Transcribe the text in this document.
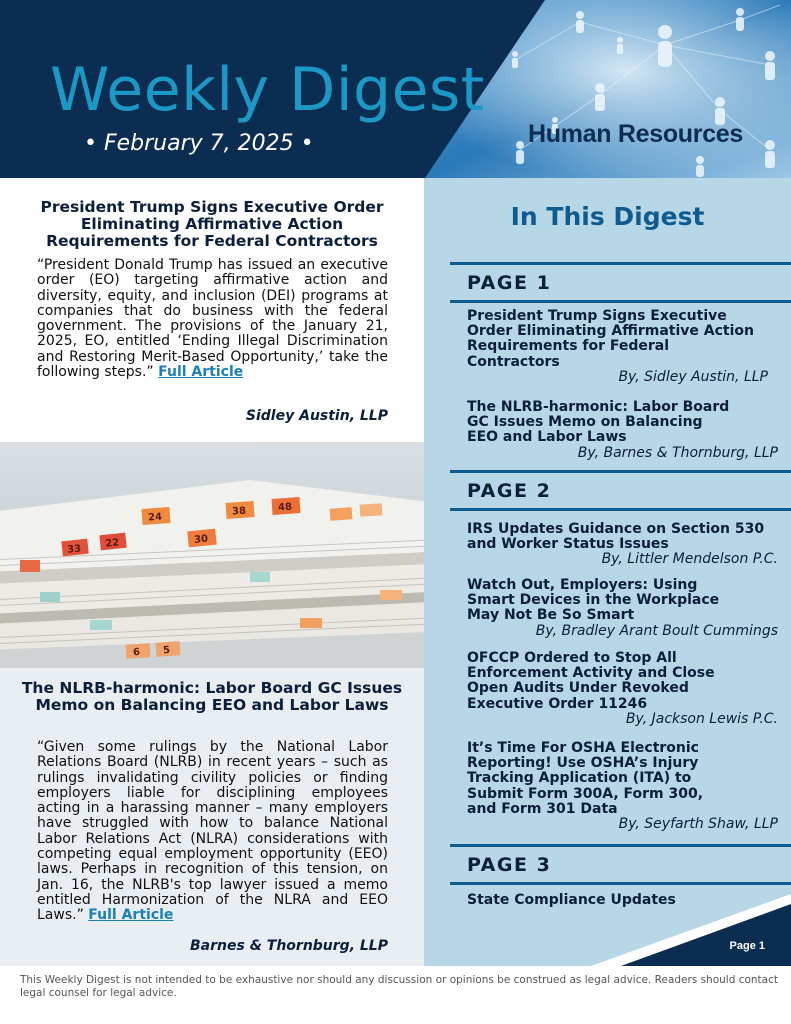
Weekly Digest
• February 7, 2025 •	Human Resources
President Trump Signs Executive Order Eliminating Affirmative Action Requirements for Federal Contractors
“President Donald Trump has issued an executive order (EO) targeting affirmative action and diversity, equity, and inclusion (DEI) programs at companies that do business with the federal government. The provisions of the January 21, 2025, EO, entitled ‘Ending Illegal Discrimination and Restoring Merit-Based Opportunity,’ take the following steps.” Full Article
Sidley Austin, LLP
33 22	30
24
38	48
6 5
The NLRB-harmonic: Labor Board GC Issues Memo on Balancing EEO and Labor Laws
“Given some rulings by the National Labor Relations Board (NLRB) in recent years – such as rulings invalidating civility policies or finding employers liable for disciplining employees acting in a harassing manner – many employers have struggled with how to balance National Labor Relations Act (NLRA) considerations with competing equal employment opportunity (EEO) laws. Perhaps in recognition of this tension, on Jan. 16, the NLRB's top lawyer issued a memo entitled Harmonization of the NLRA and EEO Laws.” Full Article
Barnes & Thornburg, LLP
In This Digest
PAGE 1
President Trump Signs Executive Order Eliminating Affirmative Action Requirements for Federal Contractors
By, Sidley Austin, LLP
The NLRB-harmonic: Labor Board GC Issues Memo on Balancing EEO and Labor Laws
By, Barnes & Thornburg, LLP
PAGE 2
IRS Updates Guidance on Section 530 and Worker Status Issues
By, Littler Mendelson P.C.
Watch Out, Employers: Using Smart Devices in the Workplace May Not Be So Smart
By, Bradley Arant Boult Cummings
OFCCP Ordered to Stop All Enforcement Activity and Close Open Audits Under Revoked Executive Order 11246
By, Jackson Lewis P.C.
It’s Time For OSHA Electronic Reporting! Use OSHA’s Injury Tracking Application (ITA) to Submit Form 300A, Form 300, and Form 301 Data
By, Seyfarth Shaw, LLP
PAGE 3
State Compliance Updates
Page 1
This Weekly Digest is not intended to be exhaustive nor should any discussion or opinions be construed as legal advice. Readers should contact legal counsel for legal advice.
